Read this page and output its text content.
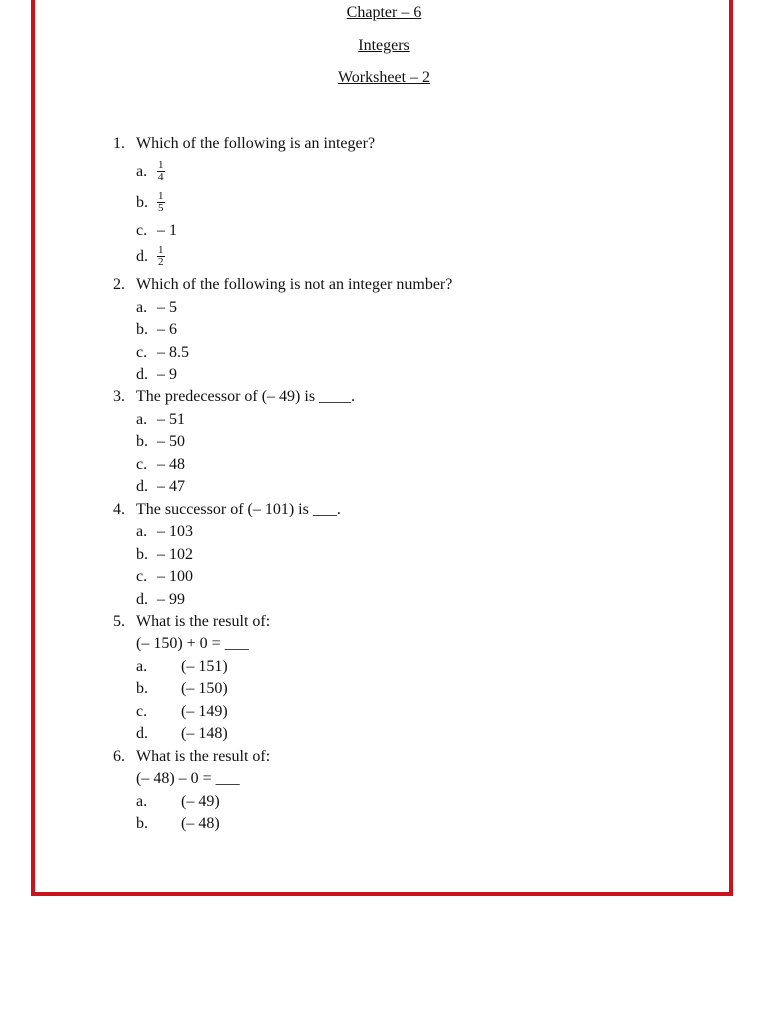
Chapter – 6
Integers
Worksheet – 2
1. Which of the following is an integer?
a. $\frac{1}{4}$
b. $\frac{1}{5}$
c. – 1
d. $\frac{1}{2}$
2. Which of the following is not an integer number?
a. – 5
b. – 6
c. – 8.5
d. – 9
3. The predecessor of (– 49) is ____.
a. – 51
b. – 50
c. – 48
d. – 47
4. The successor of (– 101) is ___.
a. – 103
b. – 102
c. – 100
d. – 99
5. What is the result of:
(– 150) + 0 = ___
a. (– 151)
b. (– 150)
c. (– 149)
d. (– 148)
6. What is the result of:
(– 48) – 0 = ___
a. (– 49)
b. (– 48)
